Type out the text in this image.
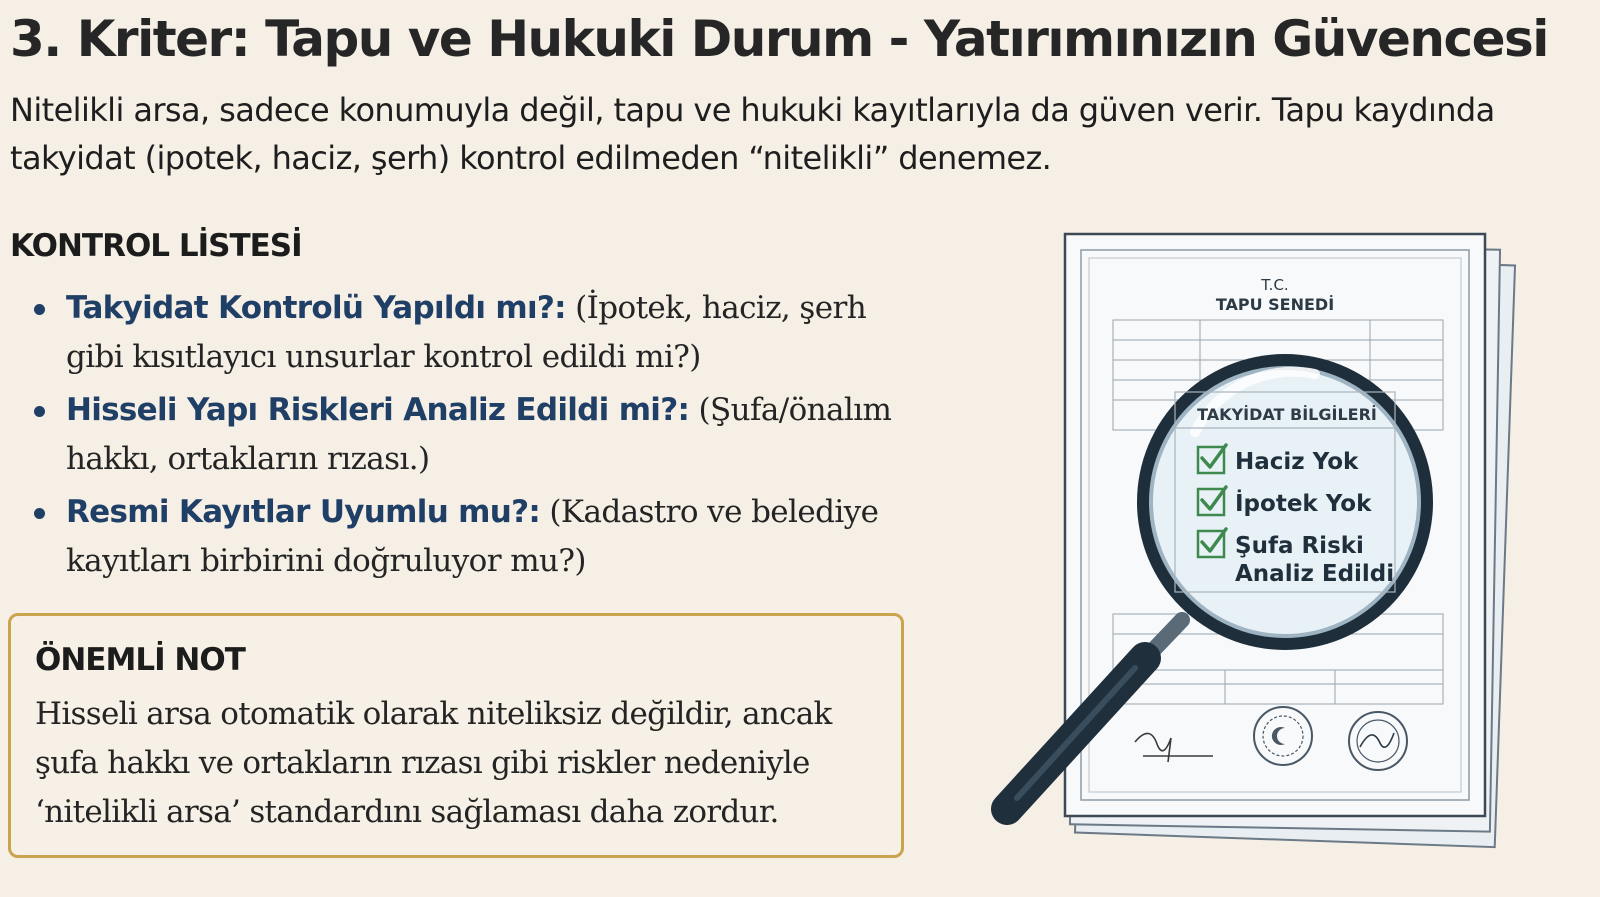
3. Kriter: Tapu ve Hukuki Durum - Yatırımınızın Güvencesi
Nitelikli arsa, sadece konumuyla değil, tapu ve hukuki kayıtlarıyla da güven verir. Tapu kaydında takyidat (ipotek, haciz, şerh) kontrol edilmeden “nitelikli” denemez.
KONTROL LİSTESİ
Takyidat Kontrolü Yapıldı mı?: (İpotek, haciz, şerh gibi kısıtlayıcı unsurlar kontrol edildi mi?)
Hisseli Yapı Riskleri Analiz Edildi mi?: (Şufa/önalım hakkı, ortakların rızası.)
Resmi Kayıtlar Uyumlu mu?: (Kadastro ve belediye kayıtları birbirini doğruluyor mu?)
ÖNEMLİ NOT
Hisseli arsa otomatik olarak niteliksiz değildir, ancak şufa hakkı ve ortakların rızası gibi riskler nedeniyle ‘nitelikli arsa’ standardını sağlaması daha zordur.
T.C.
TAPU SENEDİ
TAKYİDAT BİLGİLERİ
Haciz Yok
İpotek Yok
Şufa Riski
Analiz Edildi
